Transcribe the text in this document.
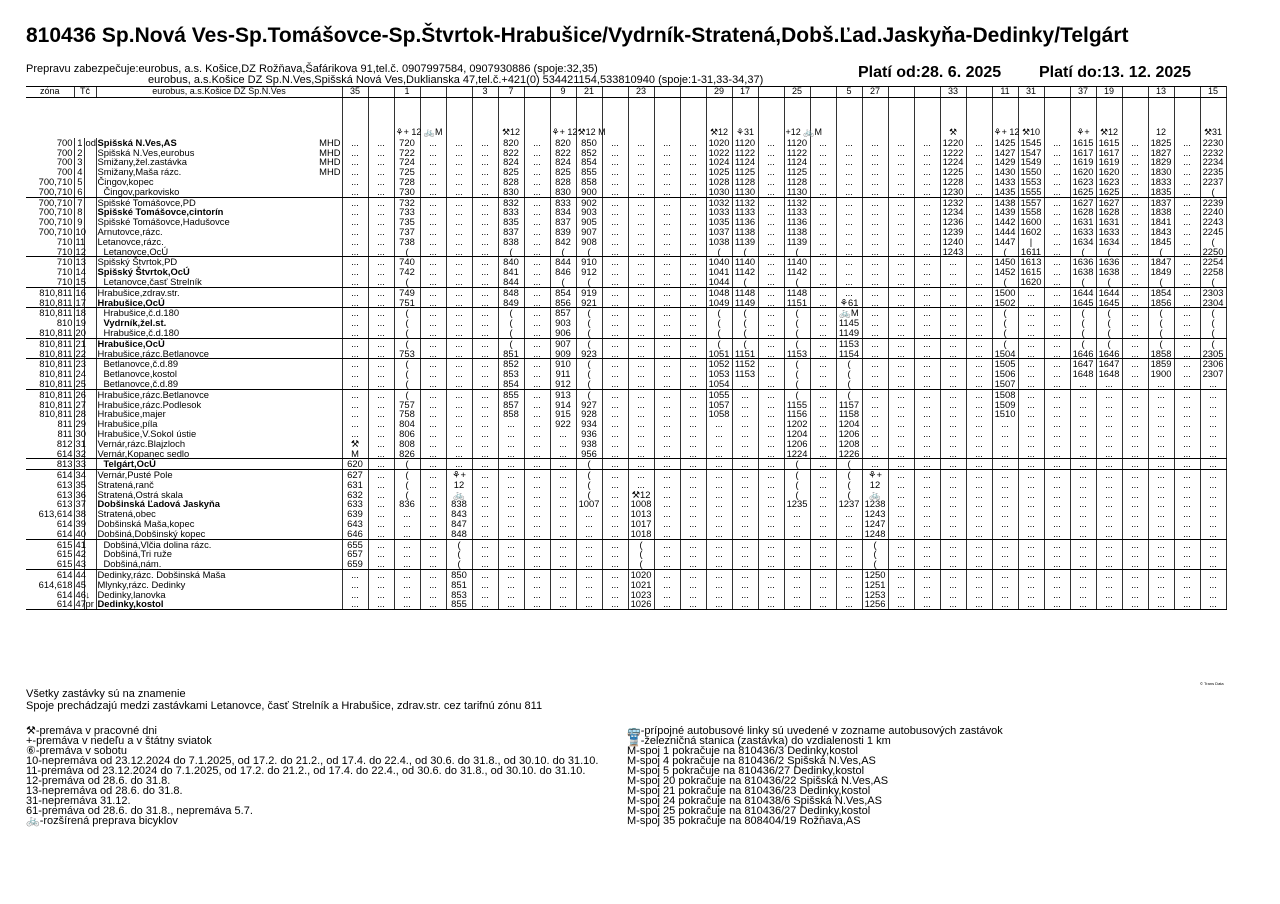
810436 Sp.Nová Ves-Sp.Tomášovce-Sp.Štvrtok-Hrabušice/Vydrník-Stratená,Dobš.Ľad.Jaskyňa-Dedinky/Telgárt
Prepravu zabezpečuje:eurobus, a.s. Košice,DZ Rožňava,Šafárikova 91,tel.č. 0907997584, 0907930886 (spoje:32,35)
eurobus, a.s.Košice DZ Sp.N.Ves,Spišská Nová Ves,Duklianska 47,tel.č.+421(0) 534421154,533810940 (spoje:1-31,33-34,37)	Platí od:28. 6. 2025 Platí do:13. 12. 2025
zóna	Tč		eurobus, a.s.Košice DZ Sp.N.Ves	35		1			3	7		9	21		23			29	17		25		5	27			33		11	31		37	19		13		15
						⚘+ 12 🚲M				⚒12		⚘+ 12	⚒12 M					⚒12	⚘31		+12 🚲M						⚒		⚘+ 12	⚒10		⚘+	⚒12		12		⚒31
700	1	od	Spišská N.Ves,AS MHD	...	...	720	...	...	...	820	...	820	850	...	...	...	...	1020	1120	...	1120	...	...	...	...	...	1220	...	1425	1545	...	1615	1615	...	1825	...	2230
700	2		Spišská N.Ves,eurobus MHD	...	...	722	...	...	...	822	...	822	852	...	...	...	...	1022	1122	...	1122	...	...	...	...	...	1222	...	1427	1547	...	1617	1617	...	1827	...	2232
700	3		Smižany,žel.zastávka MHD	...	...	724	...	...	...	824	...	824	854	...	...	...	...	1024	1124	...	1124	...	...	...	...	...	1224	...	1429	1549	...	1619	1619	...	1829	...	2234
700	4		Smižany,Maša rázc. MHD	...	...	725	...	...	...	825	...	825	855	...	...	...	...	1025	1125	...	1125	...	...	...	...	...	1225	...	1430	1550	...	1620	1620	...	1830	...	2235
700,710	5		Čingov,kopec	...	...	728	...	...	...	828	...	828	858	...	...	...	...	1028	1128	...	1128	...	...	...	...	...	1228	...	1433	1553	...	1623	1623	...	1833	...	2237
700,710	6		Čingov,parkovisko	...	...	730	...	...	...	830	...	830	900	...	...	...	...	1030	1130	...	1130	...	...	...	...	...	1230	...	1435	1555	...	1625	1625	...	1835	...	(
700,710	7		Spišské Tomášovce,PD	...	...	732	...	...	...	832	...	833	902	...	...	...	...	1032	1132	...	1132	...	...	...	...	...	1232	...	1438	1557	...	1627	1627	...	1837	...	2239
700,710	8		Spišské Tomášovce,cintorín	...	...	733	...	...	...	833	...	834	903	...	...	...	...	1033	1133	...	1133	...	...	...	...	...	1234	...	1439	1558	...	1628	1628	...	1838	...	2240
700,710	9		Spišské Tomášovce,Hadušovce	...	...	735	...	...	...	835	...	837	905	...	...	...	...	1035	1136	...	1136	...	...	...	...	...	1236	...	1442	1600	...	1631	1631	...	1841	...	2243
700,710	10		Arnutovce,rázc.	...	...	737	...	...	...	837	...	839	907	...	...	...	...	1037	1138	...	1138	...	...	...	...	...	1239	...	1444	1602	...	1633	1633	...	1843	...	2245
710	11		Letanovce,rázc.	...	...	738	...	...	...	838	...	842	908	...	...	...	...	1038	1139	...	1139	...	...	...	...	...	1240	...	1447	|	...	1634	1634	...	1845	...	(
710	12		Letanovce,OcÚ	...	...	(	...	...	...	(	...	(	(	...	...	...	...	(	(	...	(	...	...	...	...	...	1243	...	(	1611	...	(	(	...	(	...	2250
710	13		Spišský Štvrtok,PD	...	...	740	...	...	...	840	...	844	910	...	...	...	...	1040	1140	...	1140	...	...	...	...	...	...	...	1450	1613	...	1636	1636	...	1847	...	2254
710	14		Spišský Štvrtok,OcÚ	...	...	742	...	...	...	841	...	846	912	...	...	...	...	1041	1142	...	1142	...	...	...	...	...	...	...	1452	1615	...	1638	1638	...	1849	...	2258
710	15		Letanovce,časť Strelník	...	...	(	...	...	...	844	...	(	(	...	...	...	...	1044	(	...	(	...	...	...	...	...	...	...	(	1620	...	(	(	...	(	...	(
810,811	16		Hrabušice,zdrav.str.	...	...	749	...	...	...	848	...	854	919	...	...	...	...	1048	1148	...	1148	...	...	...	...	...	...	...	1500	...	...	1644	1644	...	1854	...	2303
810,811	17		Hrabušice,OcÚ	...	...	751	...	...	...	849	...	856	921	...	...	...	...	1049	1149	...	1151	...	⚘61	...	...	...	...	...	1502	...	...	1645	1645	...	1856	...	2304
810,811	18		Hrabušice,č.d.180	...	...	(	...	...	...	(	...	857	(	...	...	...	...	(	(	...	(	...	🚲M	...	...	...	...	...	(	...	...	(	(	...	(	...	(
810	19		Vydrník,žel.st.	...	...	(	...	...	...	(	...	903	(	...	...	...	...	(	(	...	(	...	1145	...	...	...	...	...	(	...	...	(	(	...	(	...	(
810,811	20		Hrabušice,č.d.180	...	...	(	...	...	...	(	...	906	(	...	...	...	...	(	(	...	(	...	1149	...	...	...	...	...	(	...	...	(	(	...	(	...	(
810,811	21		Hrabušice,OcÚ	...	...	(	...	...	...	(	...	907	(	...	...	...	...	(	(	...	(	...	1153	...	...	...	...	...	(	...	...	(	(	...	(	...	(
810,811	22		Hrabušice,rázc.Betlanovce	...	...	753	...	...	...	851	...	909	923	...	...	...	...	1051	1151	...	1153	...	1154	...	...	...	...	...	1504	...	...	1646	1646	...	1858	...	2305
810,811	23		Betlanovce,č.d.89	...	...	(	...	...	...	852	...	910	(	...	...	...	...	1052	1152	...	(	...	(	...	...	...	...	...	1505	...	...	1647	1647	...	1859	...	2306
810,811	24		Betlanovce,kostol	...	...	(	...	...	...	853	...	911	(	...	...	...	...	1053	1153	...	(	...	(	...	...	...	...	...	1506	...	...	1648	1648	...	1900	...	2307
810,811	25		Betlanovce,č.d.89	...	...	(	...	...	...	854	...	912	(	...	...	...	...	1054	...	...	(	...	(	...	...	...	...	...	1507	...	...	...	...	...	...	...	...
810,811	26		Hrabušice,rázc.Betlanovce	...	...	(	...	...	...	855	...	913	(	...	...	...	...	1055	...	...	(	...	(	...	...	...	...	...	1508	...	...	...	...	...	...	...	...
810,811	27		Hrabušice,rázc.Podlesok	...	...	757	...	...	...	857	...	914	927	...	...	...	...	1057	...	...	1155	...	1157	...	...	...	...	...	1509	...	...	...	...	...	...	...	...
810,811	28		Hrabušice,majer	...	...	758	...	...	...	858	...	915	928	...	...	...	...	1058	...	...	1156	...	1158	...	...	...	...	...	1510	...	...	...	...	...	...	...	...
811	29		Hrabušice,píla	...	...	804	...	...	...	...	...	922	934	...	...	...	...	...	...	...	1202	...	1204	...	...	...	...	...	...	...	...	...	...	...	...	...	...
811	30		Hrabušice,V.Sokol ústie	...	...	806	...	...	...	...	...	...	936	...	...	...	...	...	...	...	1204	...	1206	...	...	...	...	...	...	...	...	...	...	...	...	...	...
812	31		Vernár,rázc.Blajzloch	⚒	...	808	...	...	...	...	...	...	938	...	...	...	...	...	...	...	1206	...	1208	...	...	...	...	...	...	...	...	...	...	...	...	...	...
614	32		Vernár,Kopanec sedlo	M	...	826	...	...	...	...	...	...	956	...	...	...	...	...	...	...	1224	...	1226	...	...	...	...	...	...	...	...	...	...	...	...	...	...
813	33		Telgárt,OcÚ	620	...	(	...	...	...	...	...	...	(	...	...	...	...	...	...	...	(	...	(	...	...	...	...	...	...	...	...	...	...	...	...	...	...
614	34		Vernár,Pusté Pole	627	...	(	...	⚘+	...	...	...	...	(	...	...	...	...	...	...	...	(	...	(	⚘+	...	...	...	...	...	...	...	...	...	...	...	...	...
613	35		Stratená,ranč	631	...	(	...	12	...	...	...	...	(	...	...	...	...	...	...	...	(	...	(	12	...	...	...	...	...	...	...	...	...	...	...	...	...
613	36		Stratená,Ostrá skala	632	...	(	...	🚲	...	...	...	...	(	...	⚒12	...	...	...	...	...	(	...	(	🚲	...	...	...	...	...	...	...	...	...	...	...	...	...
613	37		Dobšinská Ľadová Jaskyňa	633	...	836	...	838	...	...	...	...	1007	...	1008	...	...	...	...	...	1235	...	1237	1238	...	...	...	...	...	...	...	...	...	...	...	...	...
613,614	38		Stratená,obec	639	...	...	...	843	...	...	...	...	...	...	1013	...	...	...	...	...	...	...	...	1243	...	...	...	...	...	...	...	...	...	...	...	...	...
614	39		Dobšinská Maša,kopec	643	...	...	...	847	...	...	...	...	...	...	1017	...	...	...	...	...	...	...	...	1247	...	...	...	...	...	...	...	...	...	...	...	...	...
614	40		Dobšiná,Dobšinský kopec	646	...	...	...	848	...	...	...	...	...	...	1018	...	...	...	...	...	...	...	...	1248	...	...	...	...	...	...	...	...	...	...	...	...	...
615	41		Dobšiná,Vlčia dolina rázc.	655	...	...	...	(	...	...	...	...	...	...	(	...	...	...	...	...	...	...	...	(	...	...	...	...	...	...	...	...	...	...	...	...	...
615	42		Dobšiná,Tri ruže	657	...	...	...	(	...	...	...	...	...	...	(	...	...	...	...	...	...	...	...	(	...	...	...	...	...	...	...	...	...	...	...	...	...
615	43		Dobšiná,nám.	659	...	...	...	(	...	...	...	...	...	...	(	...	...	...	...	...	...	...	...	(	...	...	...	...	...	...	...	...	...	...	...	...	...
614	44		Dedinky,rázc. Dobšinská Maša	...	...	...	...	850	...	...	...	...	...	...	1020	...	...	...	...	...	...	...	...	1250	...	...	...	...	...	...	...	...	...	...	...	...	...
614,618	45		Mlynky,rázc. Dedinky	...	...	...	...	851	...	...	...	...	...	...	1021	...	...	...	...	...	...	...	...	1251	...	...	...	...	...	...	...	...	...	...	...	...	...
614	46	↓	Dedinky,lanovka	...	...	...	...	853	...	...	...	...	...	...	1023	...	...	...	...	...	...	...	...	1253	...	...	...	...	...	...	...	...	...	...	...	...	...
614	47	pr	Dedinky,kostol	...	...	...	...	855	...	...	...	...	...	...	1026	...	...	...	...	...	...	...	...	1256	...	...	...	...	...	...	...	...	...	...	...	...	...
© Trans Data
Všetky zastávky sú na znamenie
Spoje prechádzajú medzi zastávkami Letanovce, časť Strelník a Hrabušice, zdrav.str. cez tarifnú zónu 811
⚒-premáva v pracovné dni
+-premáva v nedeľu a v štátny sviatok
⑥-premáva v sobotu
10-nepremáva od 23.12.2024 do 7.1.2025, od 17.2. do 21.2., od 17.4. do 22.4., od 30.6. do 31.8., od 30.10. do 31.10.
11-premáva od 23.12.2024 do 7.1.2025, od 17.2. do 21.2., od 17.4. do 22.4., od 30.6. do 31.8., od 30.10. do 31.10.
12-premáva od 28.6. do 31.8.
13-nepremáva od 28.6. do 31.8.
31-nepremáva 31.12.
61-premáva od 28.6. do 31.8., nepremáva 5.7.
🚲-rozšírená preprava bicyklov
🚌-prípojné autobusové linky sú uvedené v zozname autobusových zastávok
🚆-železničná stanica (zastávka) do vzdialenosti 1 km
M-spoj 1 pokračuje na 810436/3 Dedinky,kostol
M-spoj 4 pokračuje na 810436/2 Spišská N.Ves,AS
M-spoj 5 pokračuje na 810436/27 Dedinky,kostol
M-spoj 20 pokračuje na 810436/22 Spišská N.Ves,AS
M-spoj 21 pokračuje na 810436/23 Dedinky,kostol
M-spoj 24 pokračuje na 810438/6 Spišská N.Ves,AS
M-spoj 25 pokračuje na 810436/27 Dedinky,kostol
M-spoj 35 pokračuje na 808404/19 Rožňava,AS
